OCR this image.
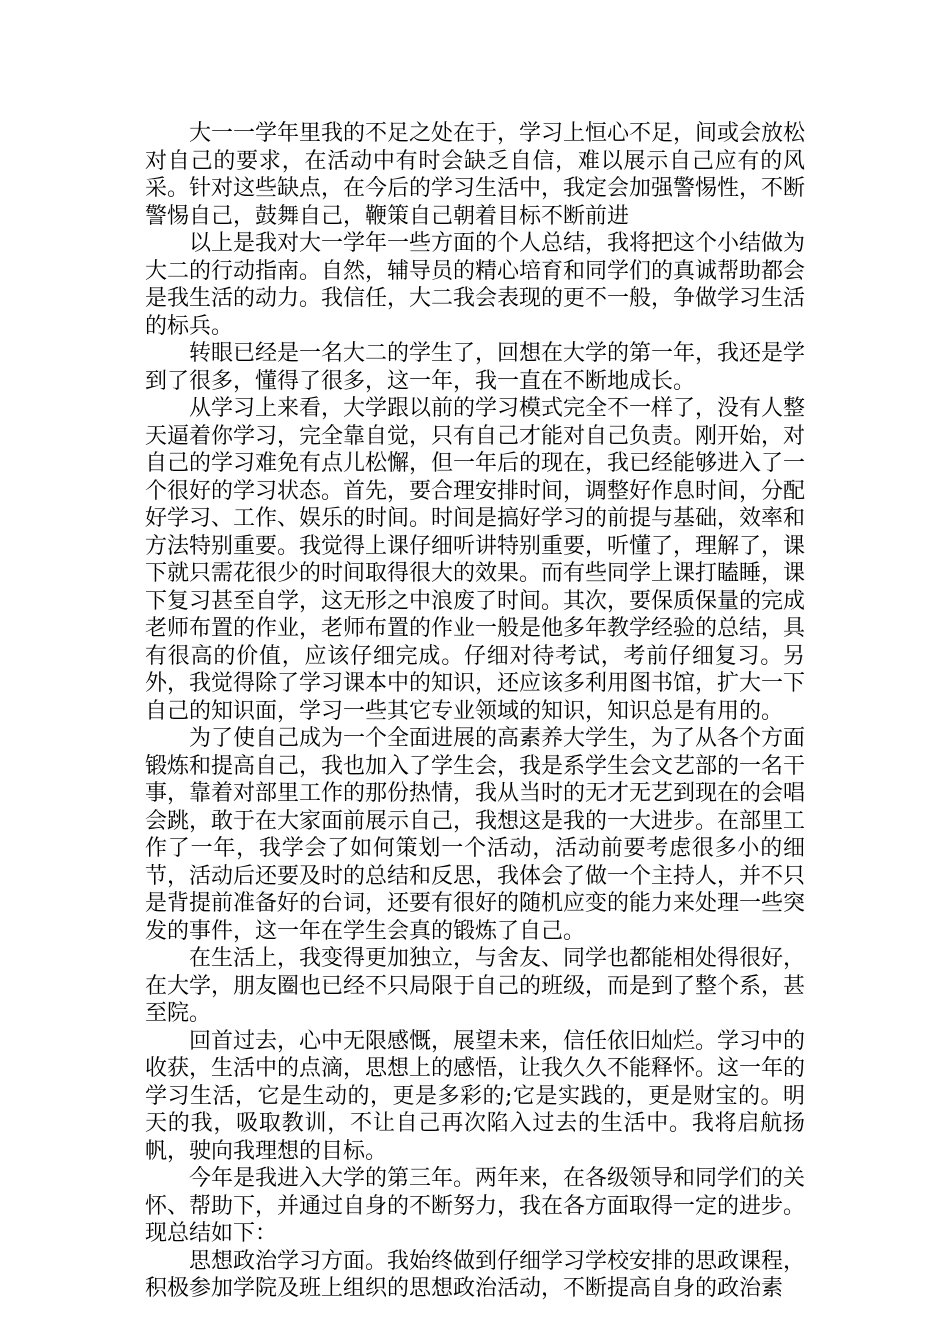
大一一学年里我的不足之处在于，学习上恒心不足，间或会放松对自己的要求，在活动中有时会缺乏自信，难以展示自己应有的风采。针对这些缺点，在今后的学习生活中，我定会加强警惕性，不断警惕自己，鼓舞自己，鞭策自己朝着目标不断前进

以上是我对大一学年一些方面的个人总结，我将把这个小结做为大二的行动指南。自然，辅导员的精心培育和同学们的真诚帮助都会是我生活的动力。我信任，大二我会表现的更不一般，争做学习生活的标兵。

转眼已经是一名大二的学生了，回想在大学的第一年，我还是学到了很多，懂得了很多，这一年，我一直在不断地成长。

从学习上来看，大学跟以前的学习模式完全不一样了，没有人整天逼着你学习，完全靠自觉，只有自己才能对自己负责。刚开始，对自己的学习难免有点儿松懈，但一年后的现在，我已经能够进入了一个很好的学习状态。首先，要合理安排时间，调整好作息时间，分配好学习、工作、娱乐的时间。时间是搞好学习的前提与基础，效率和方法特别重要。我觉得上课仔细听讲特别重要，听懂了，理解了，课下就只需花很少的时间取得很大的效果。而有些同学上课打瞌睡，课下复习甚至自学，这无形之中浪废了时间。其次，要保质保量的完成老师布置的作业，老师布置的作业一般是他多年教学经验的总结，具有很高的价值，应该仔细完成。仔细对待考试，考前仔细复习。另外，我觉得除了学习课本中的知识，还应该多利用图书馆，扩大一下自己的知识面，学习一些其它专业领域的知识，知识总是有用的。

为了使自己成为一个全面进展的高素养大学生，为了从各个方面锻炼和提高自己，我也加入了学生会，我是系学生会文艺部的一名干事，靠着对部里工作的那份热情，我从当时的无才无艺到现在的会唱会跳，敢于在大家面前展示自己，我想这是我的一大进步。在部里工作了一年，我学会了如何策划一个活动，活动前要考虑很多小的细节，活动后还要及时的总结和反思，我体会了做一个主持人，并不只是背提前准备好的台词，还要有很好的随机应变的能力来处理一些突发的事件，这一年在学生会真的锻炼了自己。

在生活上，我变得更加独立，与舍友、同学也都能相处得很好，在大学，朋友圈也已经不只局限于自己的班级，而是到了整个系，甚至院。

回首过去，心中无限感慨，展望未来，信任依旧灿烂。学习中的收获，生活中的点滴，思想上的感悟，让我久久不能释怀。这一年的学习生活，它是生动的，更是多彩的;它是实践的，更是财宝的。明天的我，吸取教训，不让自己再次陷入过去的生活中。我将启航扬帆，驶向我理想的目标。

今年是我进入大学的第三年。两年来，在各级领导和同学们的关怀、帮助下，并通过自身的不断努力，我在各方面取得一定的进步。现总结如下：

思想政治学习方面。我始终做到仔细学习学校安排的思政课程，积极参加学院及班上组织的思想政治活动，不断提高自身的政治素
